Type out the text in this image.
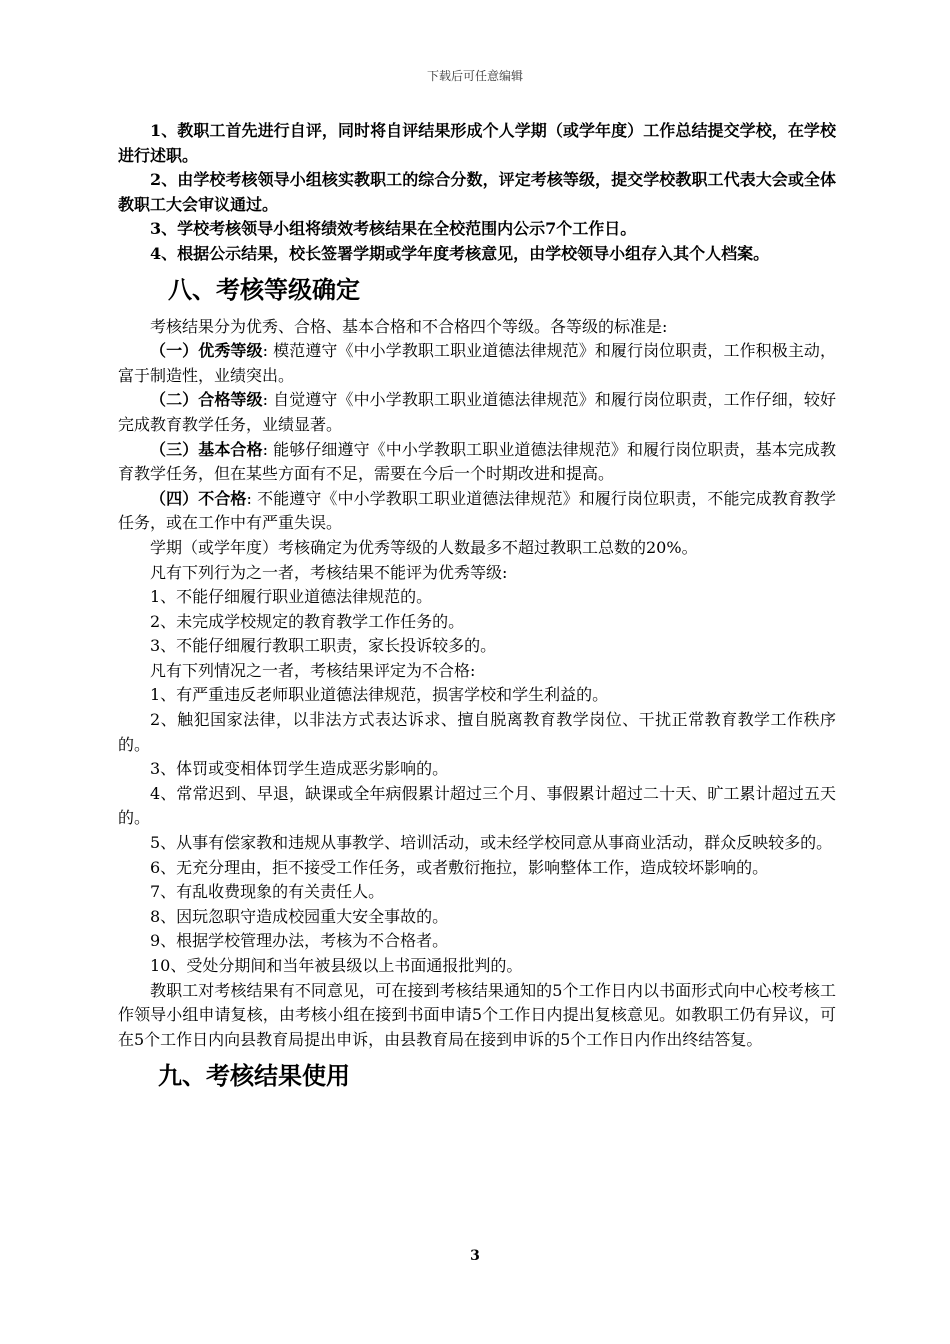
下载后可任意编辑

1、教职工首先进行自评，同时将自评结果形成个人学期（或学年度）工作总结提交学校，在学校进行述职。

2、由学校考核领导小组核实教职工的综合分数，评定考核等级，提交学校教职工代表大会或全体教职工大会审议通过。

3、学校考核领导小组将绩效考核结果在全校范围内公示7个工作日。

4、根据公示结果，校长签署学期或学年度考核意见，由学校领导小组存入其个人档案。

八、考核等级确定

考核结果分为优秀、合格、基本合格和不合格四个等级。各等级的标准是:

（一）优秀等级: 模范遵守《中小学教职工职业道德法律规范》和履行岗位职责，工作积极主动，富于制造性，业绩突出。

（二）合格等级: 自觉遵守《中小学教职工职业道德法律规范》和履行岗位职责，工作仔细，较好完成教育教学任务，业绩显著。

（三）基本合格: 能够仔细遵守《中小学教职工职业道德法律规范》和履行岗位职责，基本完成教育教学任务，但在某些方面有不足，需要在今后一个时期改进和提高。

（四）不合格: 不能遵守《中小学教职工职业道德法律规范》和履行岗位职责，不能完成教育教学任务，或在工作中有严重失误。

学期（或学年度）考核确定为优秀等级的人数最多不超过教职工总数的20%。

凡有下列行为之一者，考核结果不能评为优秀等级:

1、不能仔细履行职业道德法律规范的。

2、未完成学校规定的教育教学工作任务的。

3、不能仔细履行教职工职责，家长投诉较多的。

凡有下列情况之一者，考核结果评定为不合格:

1、有严重违反老师职业道德法律规范，损害学校和学生利益的。

2、触犯国家法律，以非法方式表达诉求、擅自脱离教育教学岗位、干扰正常教育教学工作秩序的。

3、体罚或变相体罚学生造成恶劣影响的。

4、常常迟到、早退，缺课或全年病假累计超过三个月、事假累计超过二十天、旷工累计超过五天的。

5、从事有偿家教和违规从事教学、培训活动，或未经学校同意从事商业活动，群众反映较多的。

6、无充分理由，拒不接受工作任务，或者敷衍拖拉，影响整体工作，造成较坏影响的。

7、有乱收费现象的有关责任人。

8、因玩忽职守造成校园重大安全事故的。

9、根据学校管理办法，考核为不合格者。

10、受处分期间和当年被县级以上书面通报批判的。

教职工对考核结果有不同意见，可在接到考核结果通知的5个工作日内以书面形式向中心校考核工作领导小组申请复核，由考核小组在接到书面申请5个工作日内提出复核意见。如教职工仍有异议，可在5个工作日内向县教育局提出申诉，由县教育局在接到申诉的5个工作日内作出终结答复。

九、考核结果使用
3
